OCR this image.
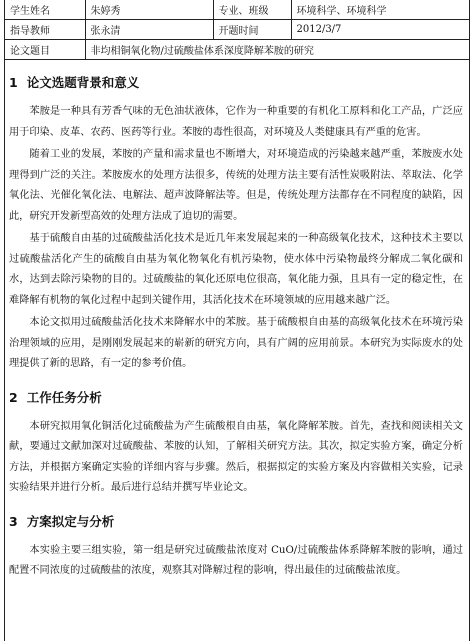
学生姓名	朱婷秀	专业、班级	环境科学、环境科学
指导教师	张永清	开题时间	2012/3/7
论文题目	非均相铜氧化物/过硫酸盐体系深度降解苯胺的研究		
1 论文选题背景和意义

苯胺是一种具有芳香气味的无色油状液体，它作为一种重要的有机化工原料和化工产品，广泛应用于印染、皮革、农药、医药等行业。苯胺的毒性很高，对环境及人类健康具有严重的危害。

随着工业的发展，苯胺的产量和需求量也不断增大，对环境造成的污染越来越严重，苯胺废水处理得到广泛的关注。苯胺废水的处理方法很多，传统的处理方法主要有活性炭吸附法、萃取法、化学氧化法、光催化氧化法、电解法、超声波降解法等。但是，传统处理方法都存在不同程度的缺陷，因此，研究开发新型高效的处理方法成了迫切的需要。

基于硫酸自由基的过硫酸盐活化技术是近几年来发展起来的一种高级氧化技术，这种技术主要以过硫酸盐活化产生的硫酸自由基为氧化物氧化有机污染物，使水体中污染物最终分解成二氧化碳和水，达到去除污染物的目的。过硫酸盐的氧化还原电位很高，氧化能力强，且具有一定的稳定性，在难降解有机物的氧化过程中起到关键作用，其活化技术在环境领域的应用越来越广泛。

本论文拟用过硫酸盐活化技术来降解水中的苯胺。基于硫酸根自由基的高级氧化技术在环境污染治理领域的应用，是刚刚发展起来的崭新的研究方向，具有广阔的应用前景。本研究为实际废水的处理提供了新的思路，有一定的参考价值。

2 工作任务分析

本研究拟用氧化铜活化过硫酸盐为产生硫酸根自由基，氧化降解苯胺。首先，查找和阅读相关文献，要通过文献加深对过硫酸盐、苯胺的认知，了解相关研究方法。其次，拟定实验方案，确定分析方法，并根据方案确定实验的详细内容与步骤。然后，根据拟定的实验方案及内容做相关实验，记录实验结果并进行分析。最后进行总结并撰写毕业论文。

3 方案拟定与分析

本实验主要三组实验，第一组是研究过硫酸盐浓度对 CuO/过硫酸盐体系降解苯胺的影响，通过配置不同浓度的过硫酸盐的浓度，观察其对降解过程的影响，得出最佳的过硫酸盐浓度。
